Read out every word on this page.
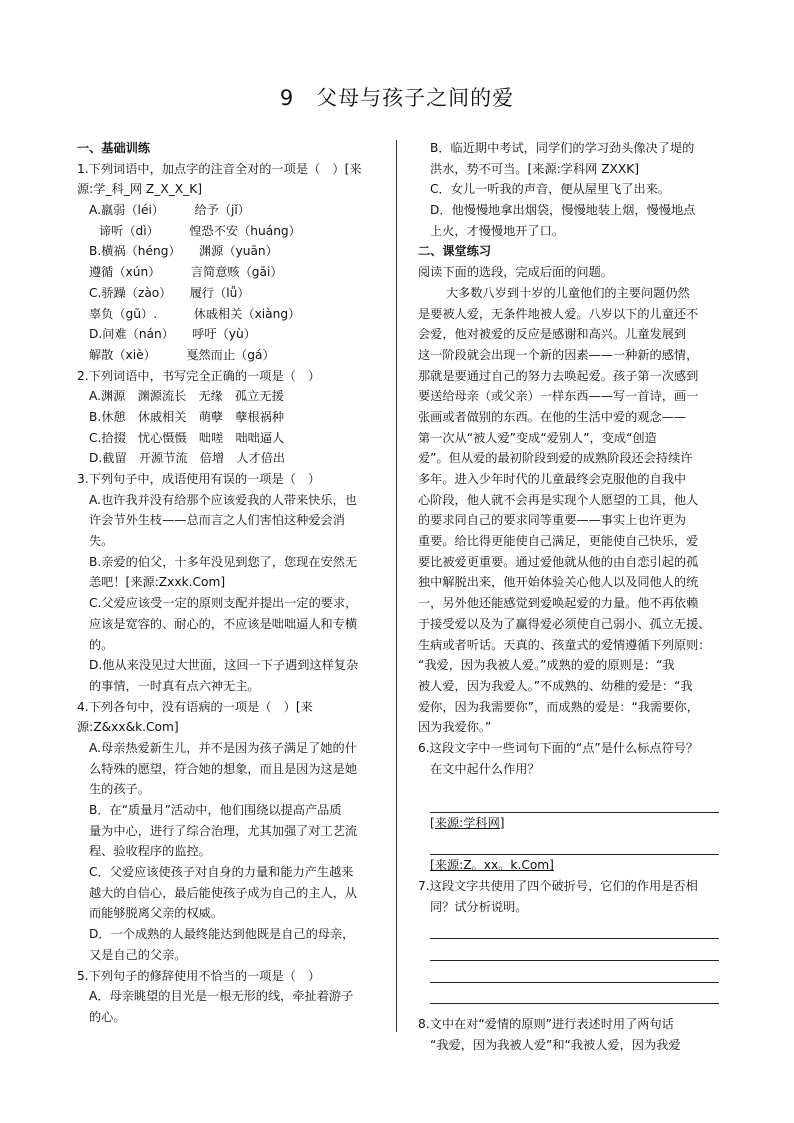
9　父母与孩子之间的爱
一、基础训练
1.下列词语中，加点字的注音全对的一项是（　）[来
源:学_科_网 Z_X_X_K]
A.羸弱（léi）　　　给予（jǐ）
谛听（dì）　　　惶恐不安（huáng）
B.横祸（héng）　　渊源（yuān）
遵循（xún）　　　言简意赅（gāi）
C.骄躁（zào）　　履行（lǚ）
辜负（gū）.　　　休戚相关（xiàng）
D.问难（nán）　　呼吁（yù）
解散（xiè）　　　戛然而止（gá）
2.下列词语中，书写完全正确的一项是（　）
A.渊源　渊源流长　无缘　孤立无援
B.休憩　休戚相关　萌孽　孽根祸种
C.拾掇　忧心慑慑　咄嗟　咄咄逼人
D.截留　开源节流　倍增　人才倍出
3.下列句子中，成语使用有误的一项是（　）
A.也许我并没有给那个应该爱我的人带来快乐，也
许会节外生枝——总而言之人们害怕这种爱会消
失。
B.亲爱的伯父，十多年没见到您了，您现在安然无
恙吧！[来源:Zxxk.Com]
C.父爱应该受一定的原则支配并提出一定的要求，
应该是宽容的、耐心的，不应该是咄咄逼人和专横
的。
D.他从来没见过大世面，这回一下子遇到这样复杂
的事情，一时真有点六神无主。
4.下列各句中，没有语病的一项是（　）[来
源:Z&xx&k.Com]
A.母亲热爱新生儿，并不是因为孩子满足了她的什
么特殊的愿望，符合她的想象，而且是因为这是她
生的孩子。
B．在“质量月”活动中，他们围绕以提高产品质
量为中心，进行了综合治理，尤其加强了对工艺流
程、验收程序的监控。
C．父爱应该使孩子对自身的力量和能力产生越来
越大的自信心，最后能使孩子成为自己的主人，从
而能够脱离父亲的权威。
D．一个成熟的人最终能达到他既是自己的母亲，
又是自己的父亲。
5.下列句子的修辞使用不恰当的一项是（　）
A．母亲眺望的目光是一根无形的线，牵扯着游子
的心。
B．临近期中考试，同学们的学习劲头像决了堤的
洪水，势不可当。[来源:学科网 ZXXK]
C．女儿一听我的声音，便从屋里飞了出来。
D．他慢慢地拿出烟袋，慢慢地装上烟，慢慢地点
上火，才慢慢地开了口。
二、课堂练习
阅读下面的选段，完成后面的问题。
大多数八岁到十岁的儿童他们的主要问题仍然
是要被人爱，无条件地被人爱。八岁以下的儿童还不
会爱，他对被爱的反应是感谢和高兴。儿童发展到
这一阶段就会出现一个新的因素——一种新的感情，
那就是要通过自己的努力去唤起爱。孩子第一次感到
要送给母亲（或父亲）一样东西——写一首诗，画一
张画或者做别的东西。在他的生活中爱的观念——
第一次从“被人爱”变成“爱别人”，变成“创造
爱”。但从爱的最初阶段到爱的成熟阶段还会持续许
多年。进入少年时代的儿童最终会克服他的自我中
心阶段，他人就不会再是实现个人愿望的工具，他人
的要求同自己的要求同等重要——事实上也许更为
重要。给比得更能使自己满足，更能使自己快乐，爱
要比被爱更重要。通过爱他就从他的由自恋引起的孤
独中解脱出来，他开始体验关心他人以及同他人的统
一，另外他还能感觉到爱唤起爱的力量。他不再依赖
于接受爱以及为了赢得爱必须使自己弱小、孤立无援、
生病或者听话。天真的、孩童式的爱情遵循下列原则：
“我爱，因为我被人爱。”成熟的爱的原则是：“我
被人爱，因为我爱人。”不成熟的、幼稚的爱是：“我
爱你，因为我需要你”，而成熟的爱是：“我需要你，
因为我爱你。”
6.这段文字中一些词句下面的“点”是什么标点符号？
在文中起什么作用？
[来源:学科网]
[来源:Z。xx。k.Com]
7.这段文字共使用了四个破折号，它们的作用是否相
同？试分析说明。
8.文中在对“爱情的原则”进行表述时用了两句话
“我爱，因为我被人爱”和“我被人爱，因为我爱
